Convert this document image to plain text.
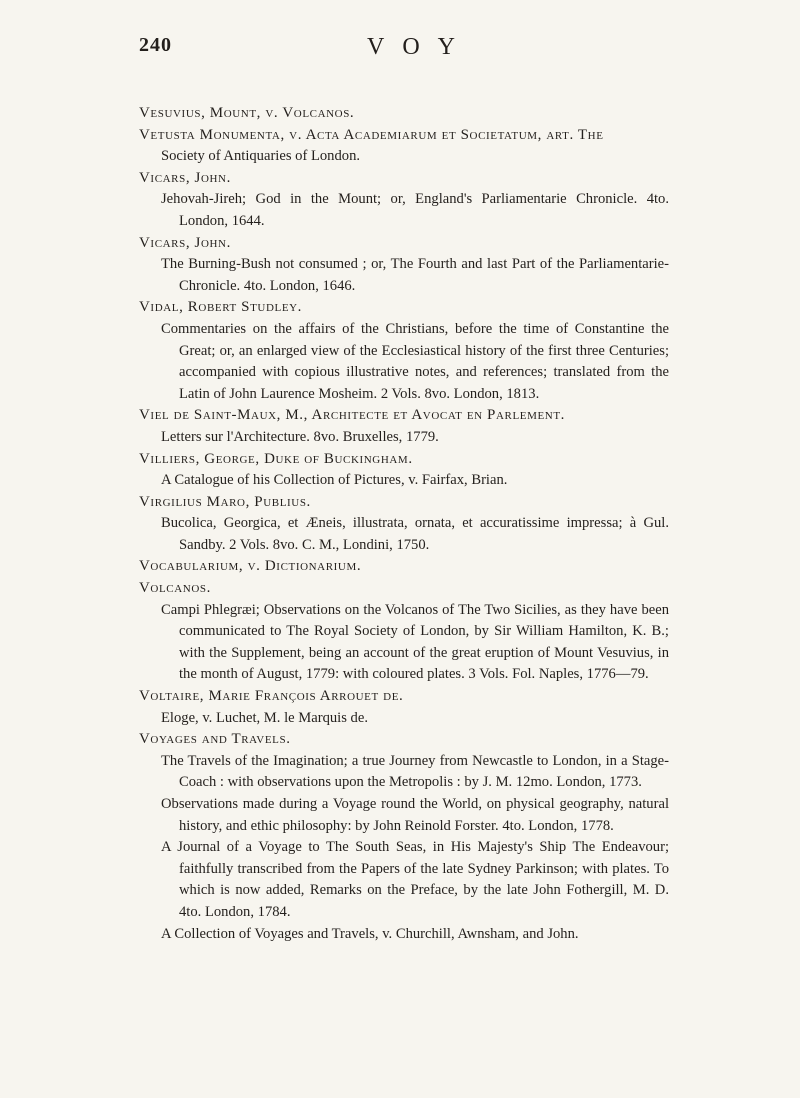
240	VOY

Vesuvius, Mount, v. Volcanos.

Vetusta Monumenta, v. Acta Academiarum et Societatum, art. The

Society of Antiquaries of London.

Vicars, John.

Jehovah-Jireh; God in the Mount; or, England's Parliamentarie Chronicle. 4to. London, 1644.

Vicars, John.

The Burning-Bush not consumed ; or, The Fourth and last Part of the Parliamentarie-Chronicle. 4to. London, 1646.

Vidal, Robert Studley.

Commentaries on the affairs of the Christians, before the time of Constantine the Great; or, an enlarged view of the Ecclesiastical history of the first three Centuries; accompanied with copious illustrative notes, and references; translated from the Latin of John Laurence Mosheim. 2 Vols. 8vo. London, 1813.

Viel de Saint-Maux, M., Architecte et Avocat en Parlement.

Letters sur l'Architecture. 8vo. Bruxelles, 1779.

Villiers, George, Duke of Buckingham.

A Catalogue of his Collection of Pictures, v. Fairfax, Brian.

Virgilius Maro, Publius.

Bucolica, Georgica, et Æneis, illustrata, ornata, et accuratissime impressa; à Gul. Sandby. 2 Vols. 8vo. C. M., Londini, 1750.

Vocabularium, v. Dictionarium.

Volcanos.

Campi Phlegræi; Observations on the Volcanos of The Two Sicilies, as they have been communicated to The Royal Society of London, by Sir William Hamilton, K. B.; with the Supplement, being an account of the great eruption of Mount Vesuvius, in the month of August, 1779: with coloured plates. 3 Vols. Fol. Naples, 1776—79.

Voltaire, Marie François Arrouet de.

Eloge, v. Luchet, M. le Marquis de.

Voyages and Travels.

The Travels of the Imagination; a true Journey from Newcastle to London, in a Stage-Coach : with observations upon the Metropolis : by J. M. 12mo. London, 1773.

Observations made during a Voyage round the World, on physical geography, natural history, and ethic philosophy: by John Reinold Forster. 4to. London, 1778.

A Journal of a Voyage to The South Seas, in His Majesty's Ship The Endeavour; faithfully transcribed from the Papers of the late Sydney Parkinson; with plates. To which is now added, Remarks on the Preface, by the late John Fothergill, M. D. 4to. London, 1784.

A Collection of Voyages and Travels, v. Churchill, Awnsham, and John.
